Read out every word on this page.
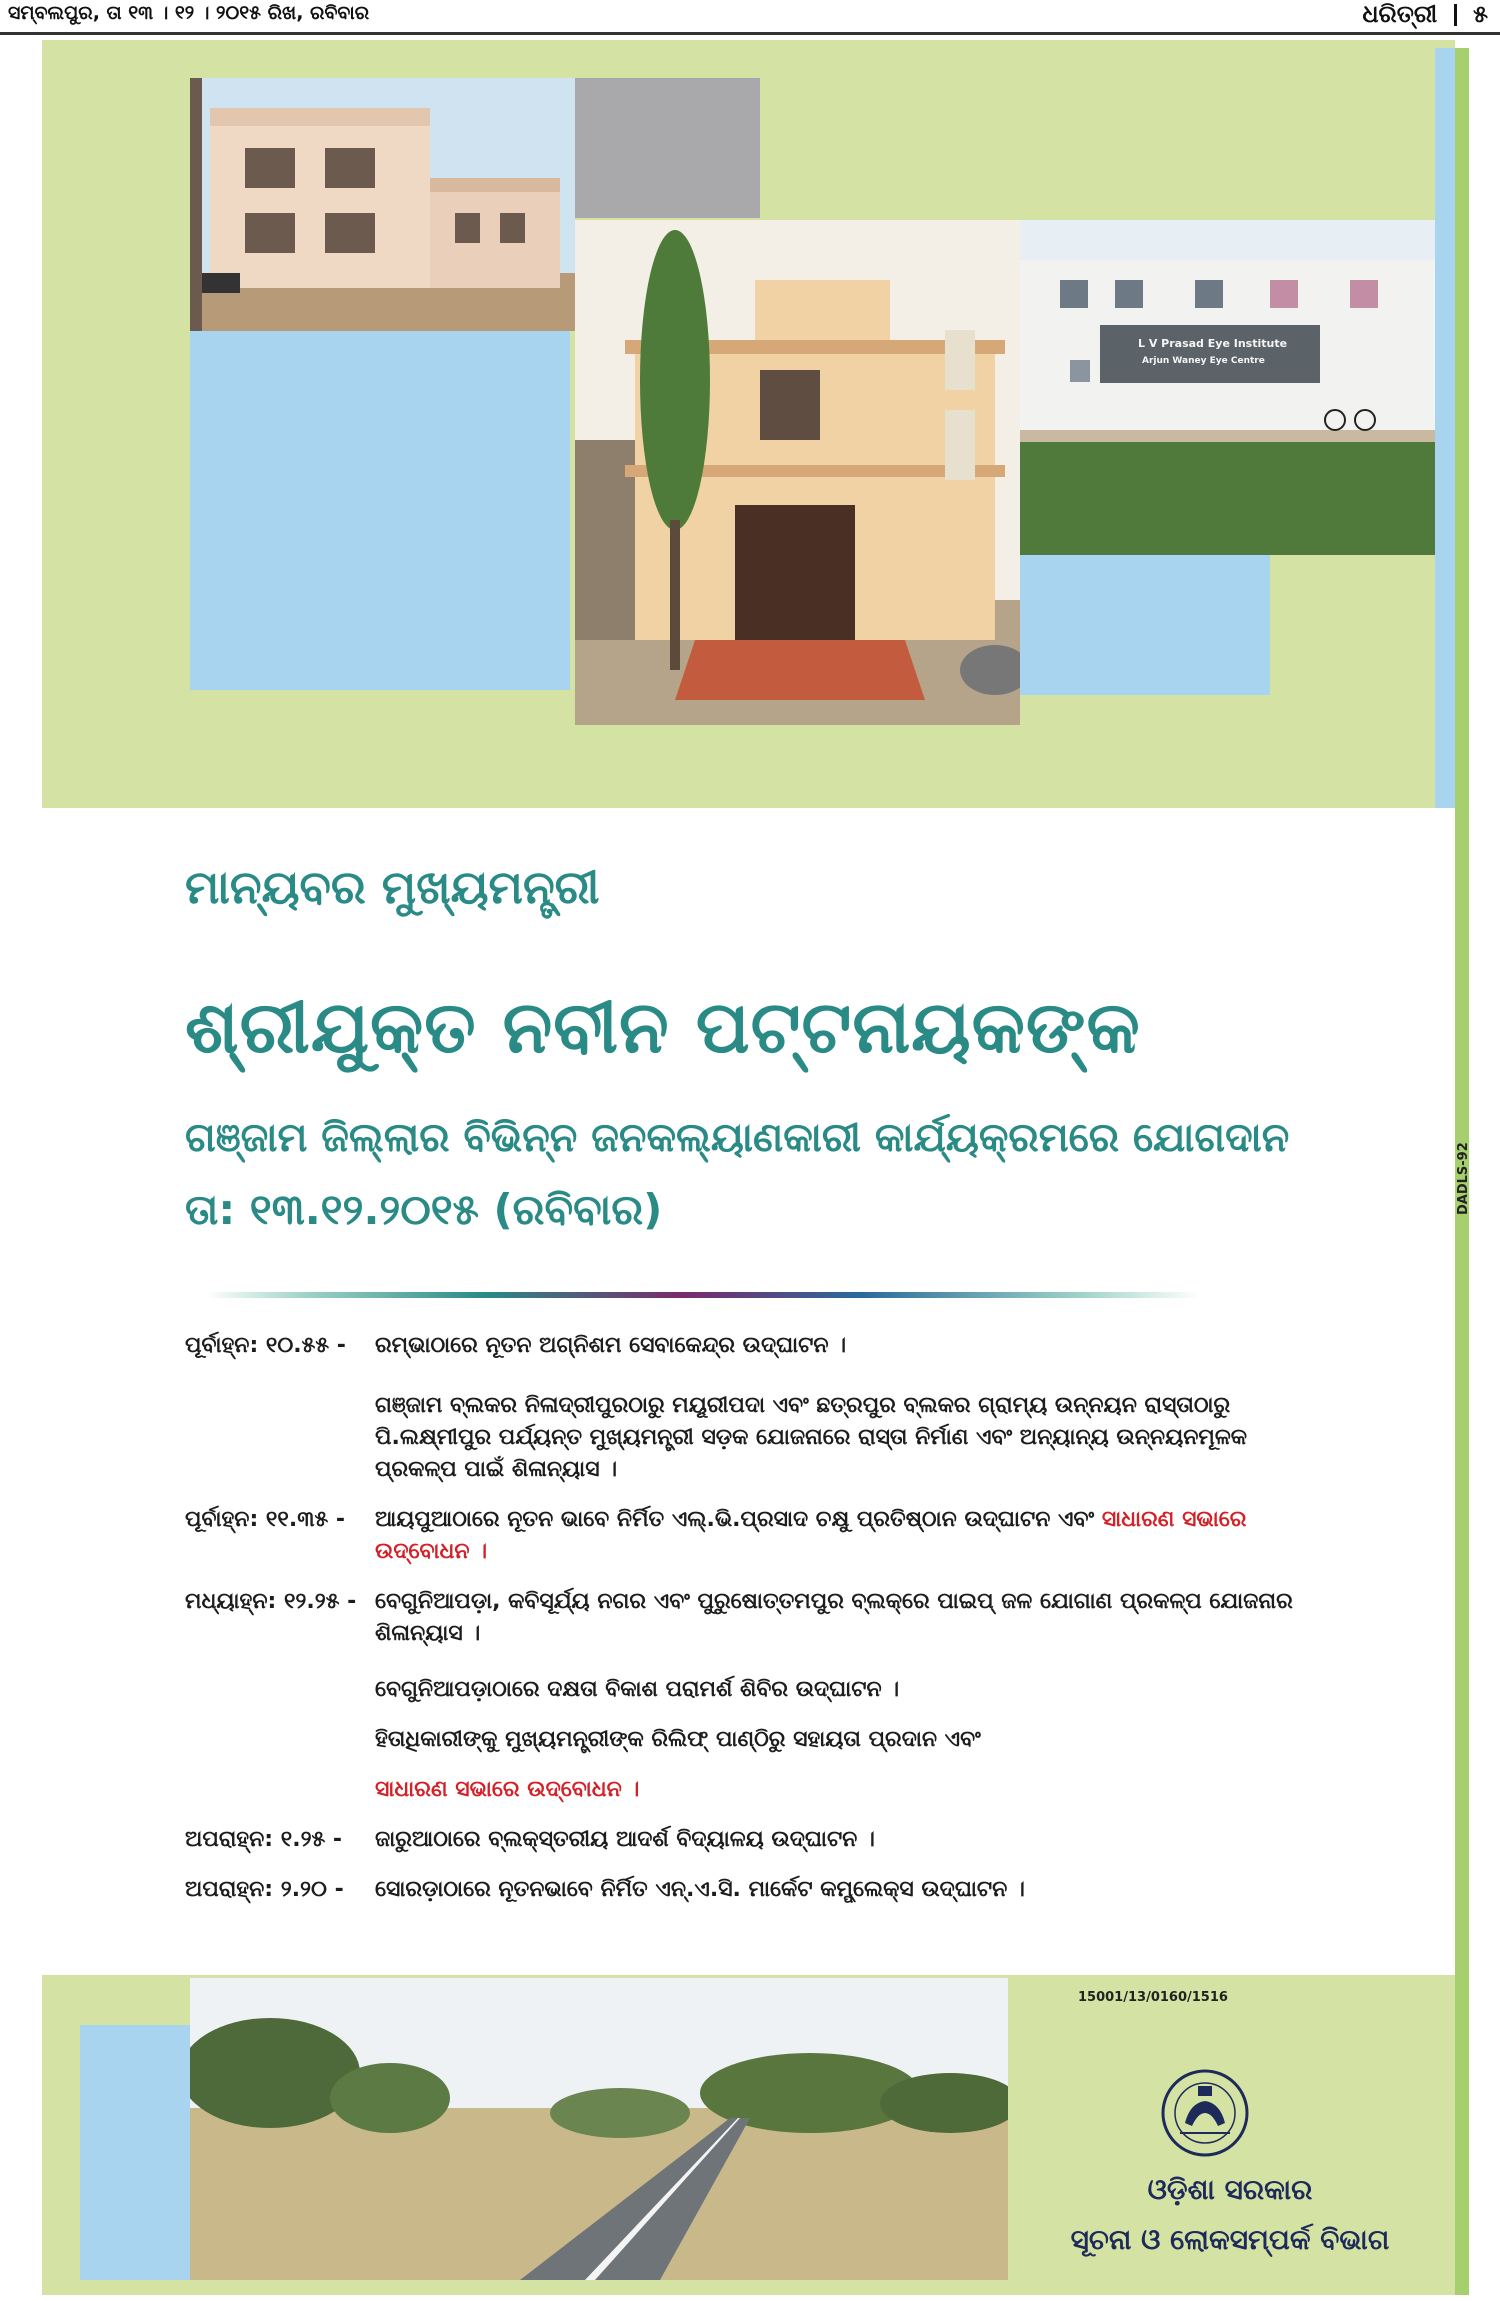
ସମ୍ବଲପୁର, ତା ୧୩ । ୧୨ । ୨୦୧୫ ରିଖ, ରବିବାର	ଧରିତ୍ରୀ ୫
L V Prasad Eye Institute
Arjun Waney Eye Centre
ମାନ୍ୟବର ମୁଖ୍ୟମନ୍ତ୍ରୀ
ଶ୍ରୀଯୁକ୍ତ ନବୀନ ପଟ୍ଟନାୟକଙ୍କ
ଗଞ୍ଜାମ ଜିଲ୍ଲାର ବିଭିନ୍ନ ଜନକଲ୍ୟାଣକାରୀ କାର୍ଯ୍ୟକ୍ରମରେ ଯୋଗଦାନ
ତା: ୧୩.୧୨.୨୦୧୫ (ରବିବାର)
ପୂର୍ବାହ୍ନ: ୧୦.୫୫ - ରମ୍ଭାଠାରେ ନୂତନ ଅଗ୍ନିଶମ ସେବାକେନ୍ଦ୍ର ଉଦ୍‌ଘାଟନ ।
ଗଞ୍ଜାମ ବ୍ଲକର ନିଳାଦ୍ରୀପୁରଠାରୁ ମୟୂରୀପଦା ଏବଂ ଛତ୍ରପୁର ବ୍ଲକର ଗ୍ରାମ୍ୟ ଉନ୍ନୟନ ରାସ୍ତାଠାରୁ ପି.ଲକ୍ଷ୍ମୀପୁର ପର୍ଯ୍ୟନ୍ତ ମୁଖ୍ୟମନ୍ତ୍ରୀ ସଡ଼କ ଯୋଜନାରେ ରାସ୍ତା ନିର୍ମାଣ ଏବଂ ଅନ୍ୟାନ୍ୟ ଉନ୍ନୟନମୂଳକ ପ୍ରକଳ୍ପ ପାଇଁ ଶିଳାନ୍ୟାସ ।
ପୂର୍ବାହ୍ନ: ୧୧.୩୫ - ଆୟପୁଆଠାରେ ନୂତନ ଭାବେ ନିର୍ମିତ ଏଲ୍.ଭି.ପ୍ରସାଦ ଚକ୍ଷୁ ପ୍ରତିଷ୍ଠାନ ଉଦ୍‌ଘାଟନ ଏବଂ ସାଧାରଣ ସଭାରେ ଉଦ୍‌ବୋଧନ ।
ମଧ୍ୟାହ୍ନ: ୧୨.୨୫ - ବେଗୁନିଆପଡ଼ା, କବିସୂର୍ଯ୍ୟ ନଗର ଏବଂ ପୁରୁଷୋତ୍ତମପୁର ବ୍ଲକ୍‌ରେ ପାଇପ୍ ଜଳ ଯୋଗାଣ ପ୍ରକଳ୍ପ ଯୋଜନାର ଶିଳାନ୍ୟାସ ।
ବେଗୁନିଆପଡ଼ାଠାରେ ଦକ୍ଷତା ବିକାଶ ପରାମର୍ଶ ଶିବିର ଉଦ୍‌ଘାଟନ ।
ହିତାଧିକାରୀଙ୍କୁ ମୁଖ୍ୟମନ୍ତ୍ରୀଙ୍କ ରିଲିଫ୍ ପାଣ୍ଠିରୁ ସହାୟତା ପ୍ରଦାନ ଏବଂ
ସାଧାରଣ ସଭାରେ ଉଦ୍‌ବୋଧନ ।
ଅପରାହ୍ନ: ୧.୨୫ - ଜାରୁଆଠାରେ ବ୍ଲକ୍‌ସ୍ତରୀୟ ଆଦର୍ଶ ବିଦ୍ୟାଳୟ ଉଦ୍‌ଘାଟନ ।
ଅପରାହ୍ନ: ୨.୨୦ - ସୋରଡ଼ାଠାରେ ନୂତନଭାବେ ନିର୍ମିତ ଏନ୍.ଏ.ସି. ମାର୍କେଟ କମ୍ପ୍ଲେକ୍ସ ଉଦ୍‌ଘାଟନ ।
DADLS-92
15001/13/0160/1516
ଓଡ଼ିଶା ସରକାର
ସୂଚନା ଓ ଲୋକସମ୍ପର୍କ ବିଭାଗ
